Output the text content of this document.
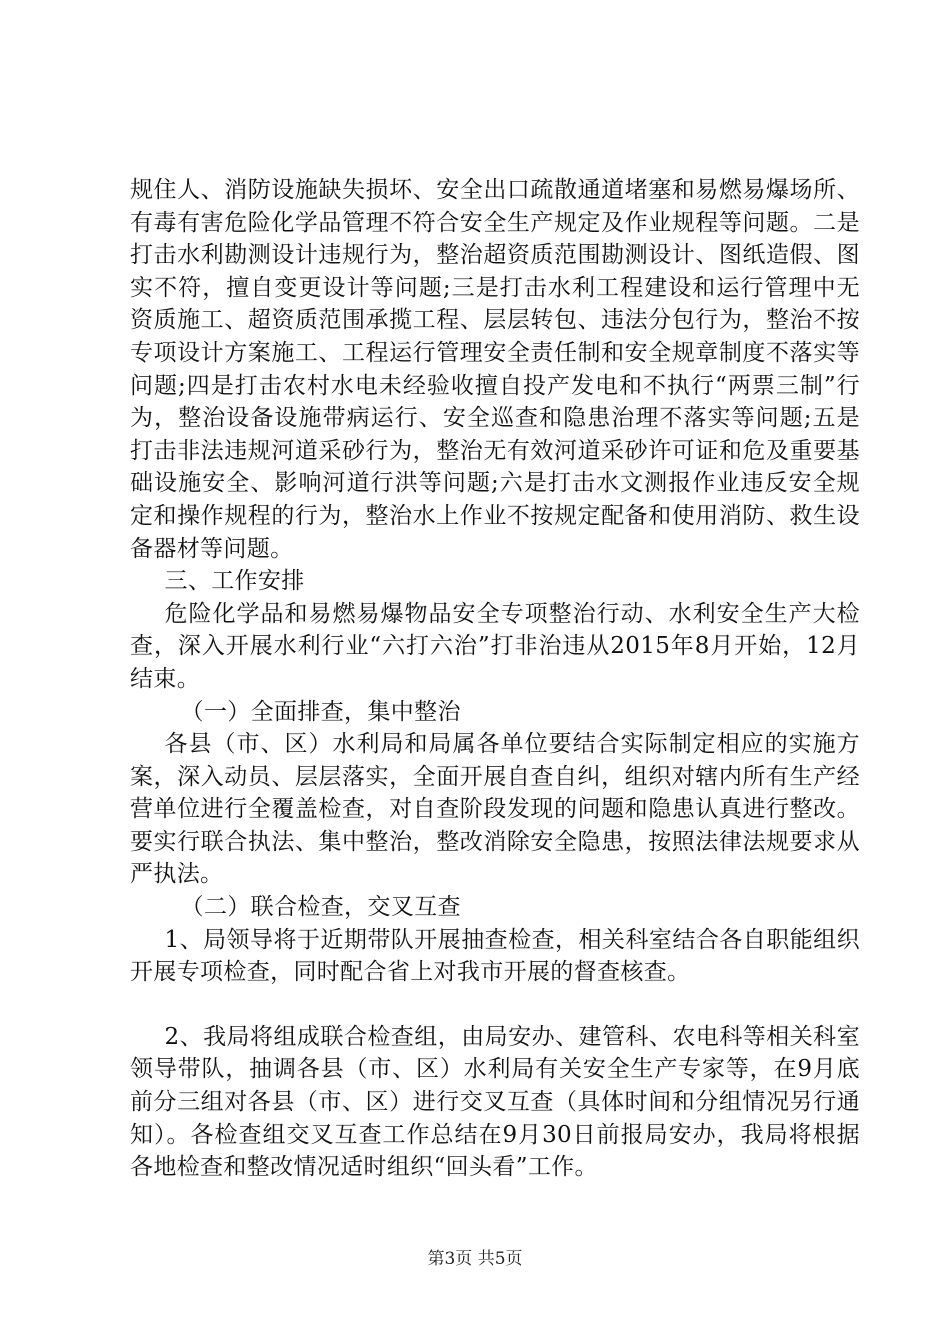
规住人、消防设施缺失损坏、安全出口疏散通道堵塞和易燃易爆场所、有毒有害危险化学品管理不符合安全生产规定及作业规程等问题。二是打击水利勘测设计违规行为，整治超资质范围勘测设计、图纸造假、图实不符，擅自变更设计等问题;三是打击水利工程建设和运行管理中无资质施工、超资质范围承揽工程、层层转包、违法分包行为，整治不按专项设计方案施工、工程运行管理安全责任制和安全规章制度不落实等问题;四是打击农村水电未经验收擅自投产发电和不执行“两票三制”行为，整治设备设施带病运行、安全巡查和隐患治理不落实等问题;五是打击非法违规河道采砂行为，整治无有效河道采砂许可证和危及重要基础设施安全、影响河道行洪等问题;六是打击水文测报作业违反安全规定和操作规程的行为，整治水上作业不按规定配备和使用消防、救生设备器材等问题。

三、工作安排

危险化学品和易燃易爆物品安全专项整治行动、水利安全生产大检查，深入开展水利行业“六打六治”打非治违从2015年8月开始，12月结束。

（一）全面排查，集中整治

各县（市、区）水利局和局属各单位要结合实际制定相应的实施方案，深入动员、层层落实，全面开展自查自纠，组织对辖内所有生产经营单位进行全覆盖检查，对自查阶段发现的问题和隐患认真进行整改。要实行联合执法、集中整治，整改消除安全隐患，按照法律法规要求从严执法。

（二）联合检查，交叉互查

1、局领导将于近期带队开展抽查检查，相关科室结合各自职能组织开展专项检查，同时配合省上对我市开展的督查核查。

2、我局将组成联合检查组，由局安办、建管科、农电科等相关科室领导带队，抽调各县（市、区）水利局有关安全生产专家等，在9月底前分三组对各县（市、区）进行交叉互查（具体时间和分组情况另行通知）。各检查组交叉互查工作总结在9月30日前报局安办，我局将根据各地检查和整改情况适时组织“回头看”工作。

第3页 共5页
